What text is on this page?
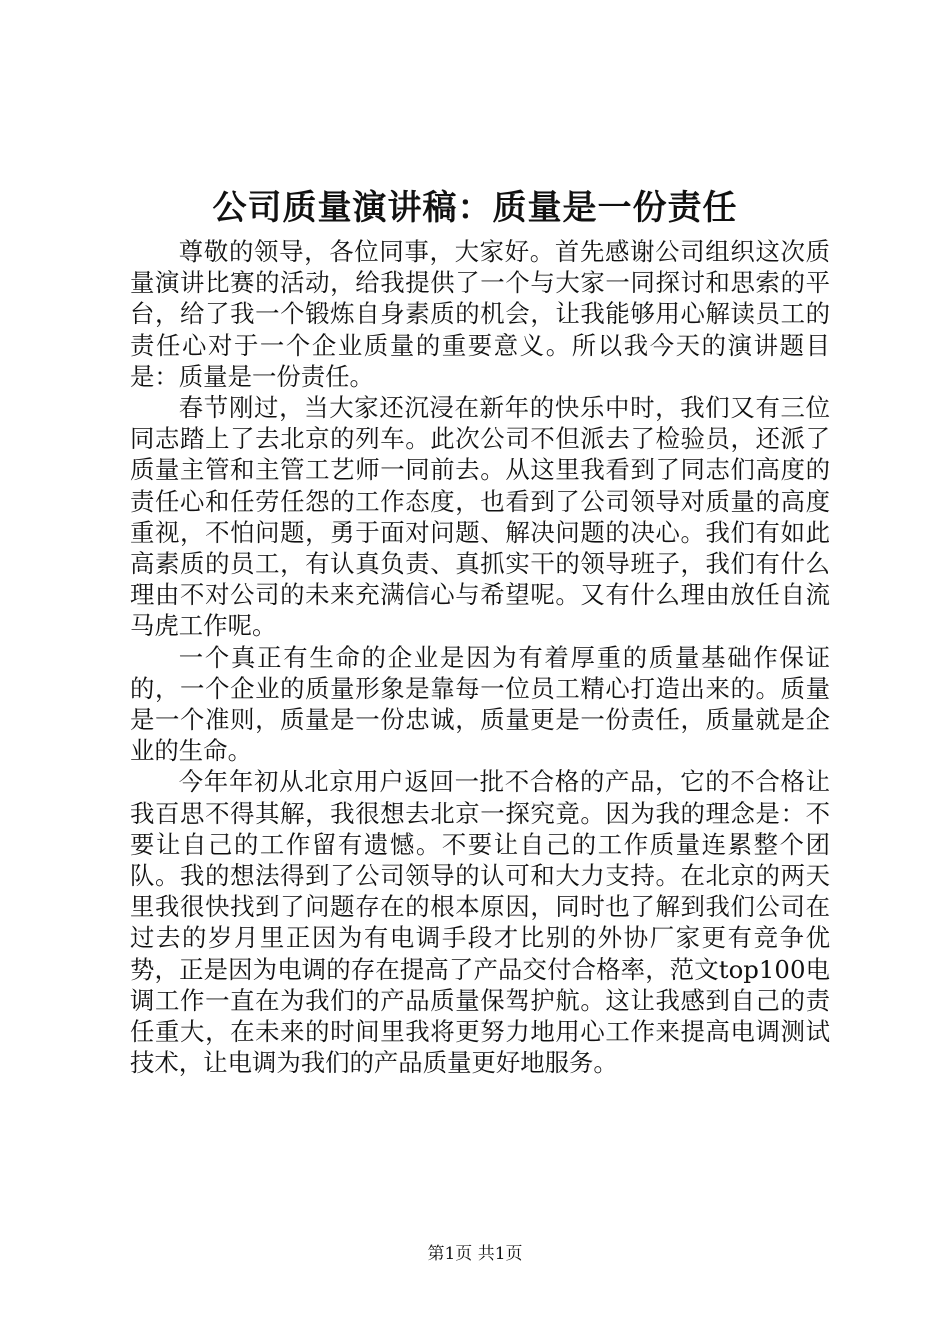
公司质量演讲稿：质量是一份责任

尊敬的领导，各位同事，大家好。首先感谢公司组织这次质量演讲比赛的活动，给我提供了一个与大家一同探讨和思索的平台，给了我一个锻炼自身素质的机会，让我能够用心解读员工的责任心对于一个企业质量的重要意义。所以我今天的演讲题目是：质量是一份责任。

春节刚过，当大家还沉浸在新年的快乐中时，我们又有三位同志踏上了去北京的列车。此次公司不但派去了检验员，还派了质量主管和主管工艺师一同前去。从这里我看到了同志们高度的责任心和任劳任怨的工作态度，也看到了公司领导对质量的高度重视，不怕问题，勇于面对问题、解决问题的决心。我们有如此高素质的员工，有认真负责、真抓实干的领导班子，我们有什么理由不对公司的未来充满信心与希望呢。又有什么理由放任自流马虎工作呢。

一个真正有生命的企业是因为有着厚重的质量基础作保证的，一个企业的质量形象是靠每一位员工精心打造出来的。质量是一个准则，质量是一份忠诚，质量更是一份责任，质量就是企业的生命。

今年年初从北京用户返回一批不合格的产品，它的不合格让我百思不得其解，我很想去北京一探究竟。因为我的理念是：不要让自己的工作留有遗憾。不要让自己的工作质量连累整个团队。我的想法得到了公司领导的认可和大力支持。在北京的两天里我很快找到了问题存在的根本原因，同时也了解到我们公司在过去的岁月里正因为有电调手段才比别的外协厂家更有竞争优势，正是因为电调的存在提高了产品交付合格率，范文top100电调工作一直在为我们的产品质量保驾护航。这让我感到自己的责任重大，在未来的时间里我将更努力地用心工作来提高电调测试技术，让电调为我们的产品质量更好地服务。

第1页 共1页
